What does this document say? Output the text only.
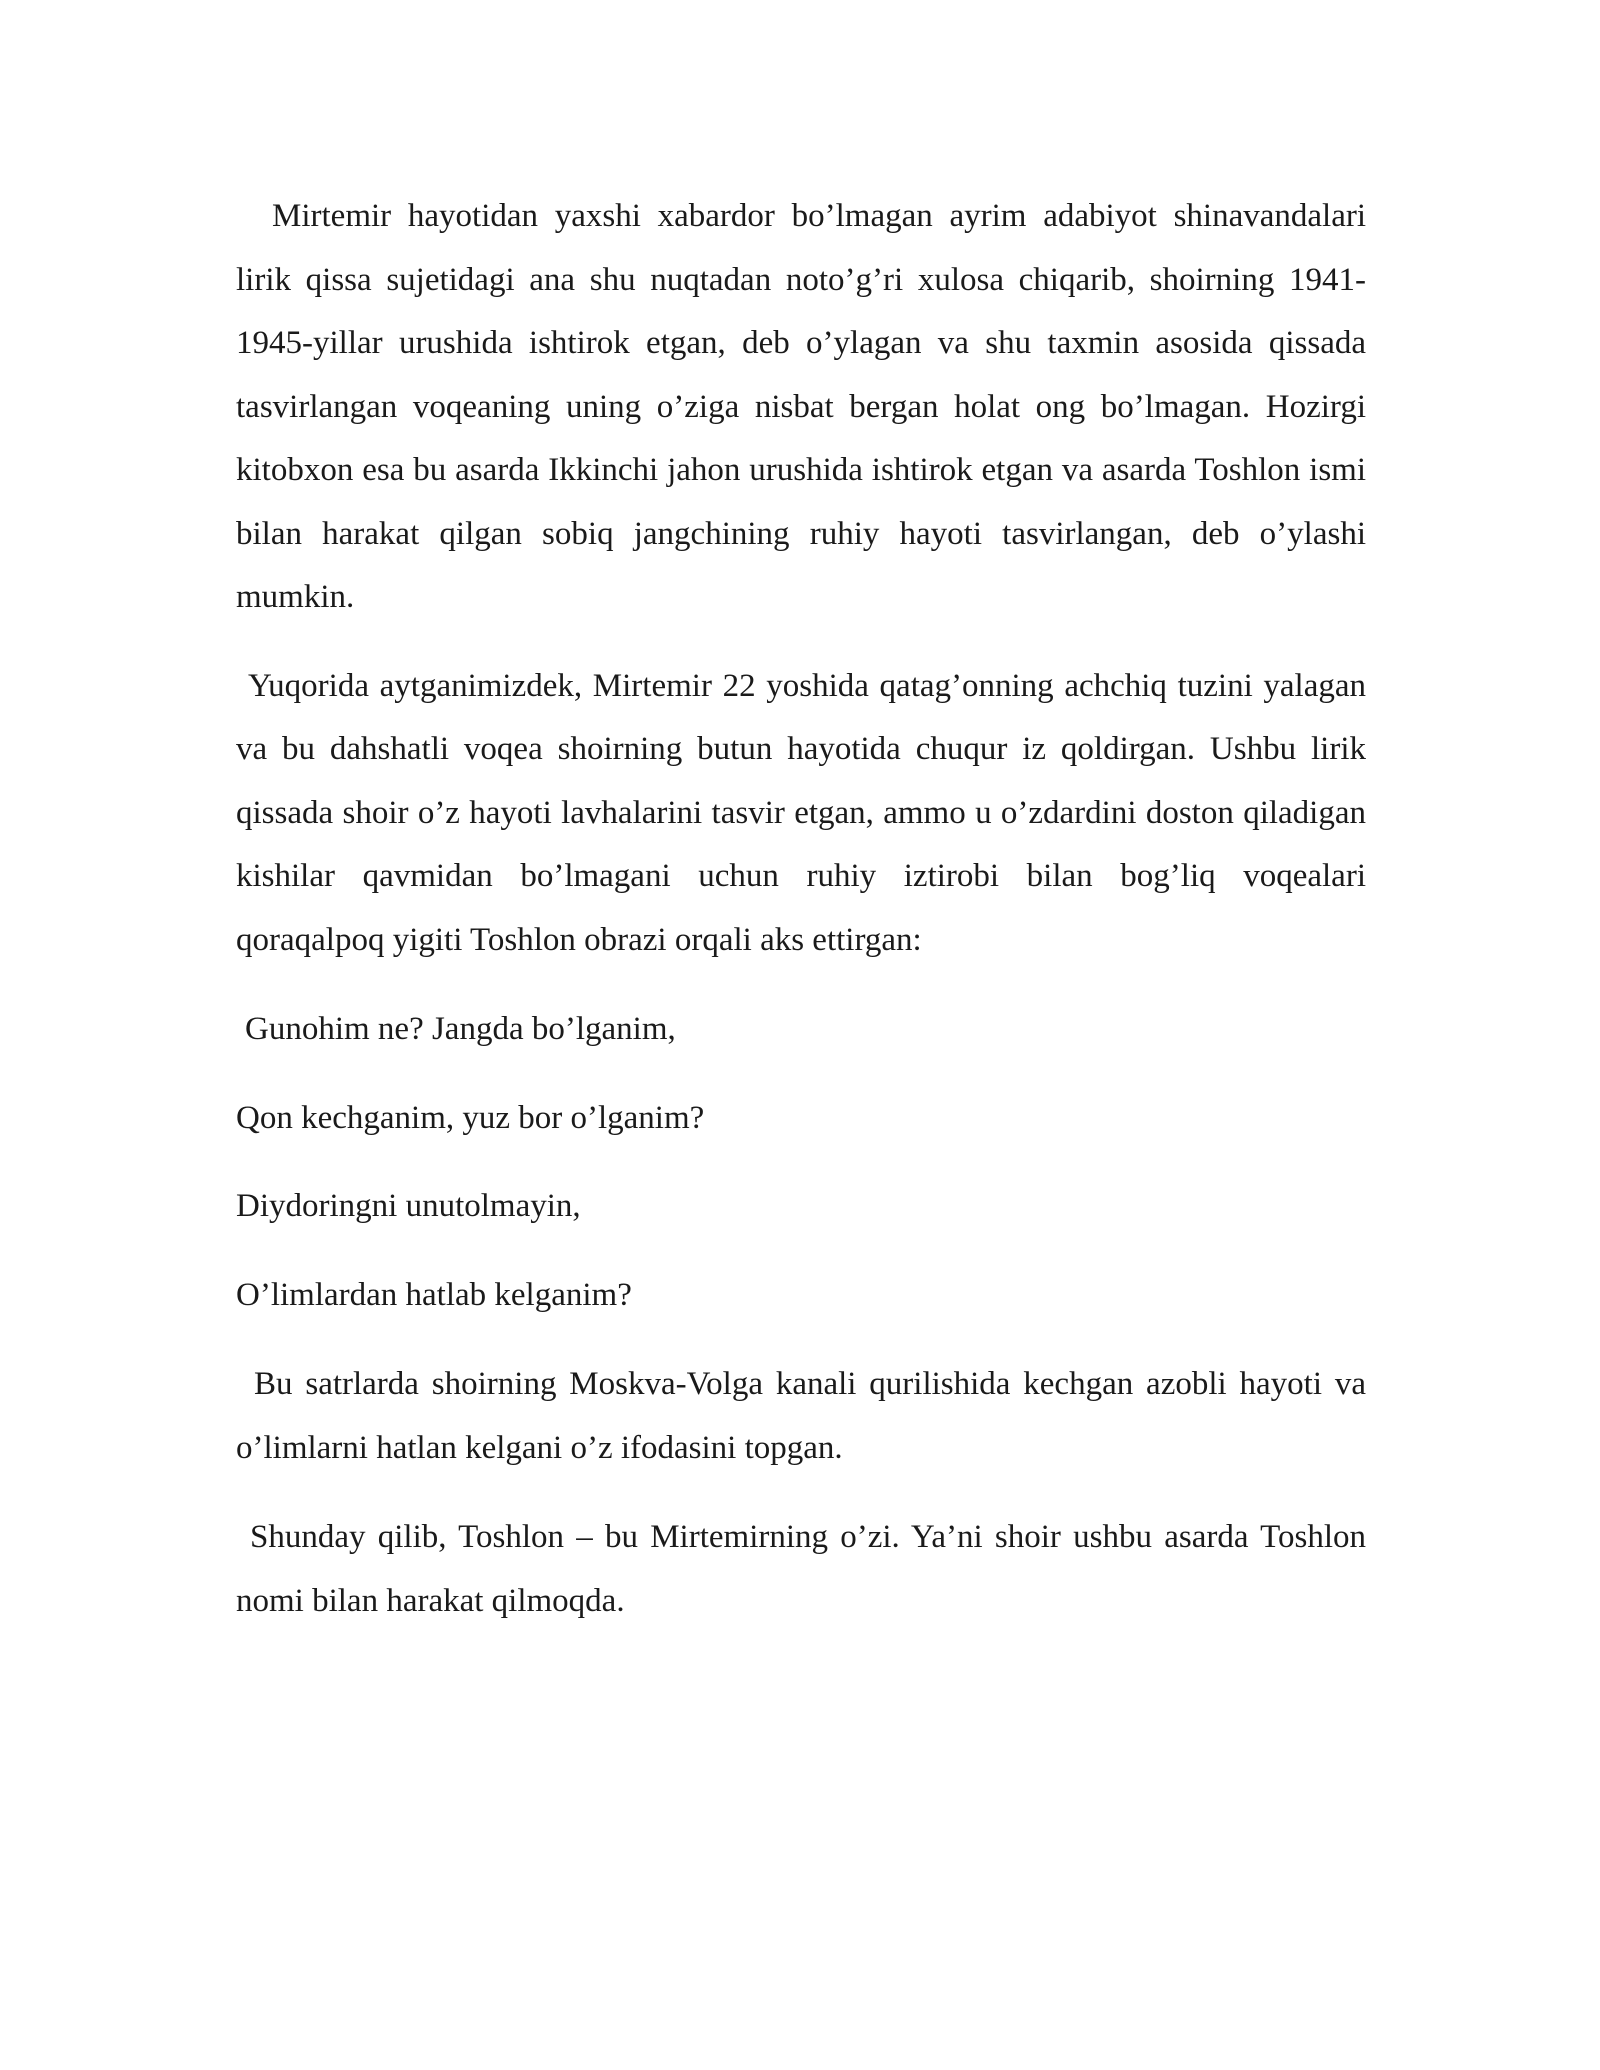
Mirtemir hayotidan yaxshi xabardor bo’lmagan ayrim adabiyot shinavandalari lirik qissa sujetidagi ana shu nuqtadan noto’g’ri xulosa chiqarib, shoirning 1941-1945-yillar urushida ishtirok etgan, deb o’ylagan va shu taxmin asosida qissada tasvirlangan voqeaning uning o’ziga nisbat bergan holat ong bo’lmagan. Hozirgi kitobxon esa bu asarda Ikkinchi jahon urushida ishtirok etgan va asarda Toshlon ismi bilan harakat qilgan sobiq jangchining ruhiy hayoti tasvirlangan, deb o’ylashi mumkin.

Yuqorida aytganimizdek, Mirtemir 22 yoshida qatag’onning achchiq tuzini yalagan va bu dahshatli voqea shoirning butun hayotida chuqur iz qoldirgan. Ushbu lirik qissada shoir o’z hayoti lavhalarini tasvir etgan, ammo u o’zdardini doston qiladigan kishilar qavmidan bo’lmagani uchun ruhiy iztirobi bilan bog’liq voqealari qoraqalpoq yigiti Toshlon obrazi orqali aks ettirgan:

Gunohim ne? Jangda bo’lganim,

Qon kechganim, yuz bor o’lganim?

Diydoringni unutolmayin,

O’limlardan hatlab kelganim?

Bu satrlarda shoirning Moskva-Volga kanali qurilishida kechgan azobli hayoti va o’limlarni hatlan kelgani o’z ifodasini topgan.

Shunday qilib, Toshlon – bu Mirtemirning o’zi. Ya’ni shoir ushbu asarda Toshlon nomi bilan harakat qilmoqda.
